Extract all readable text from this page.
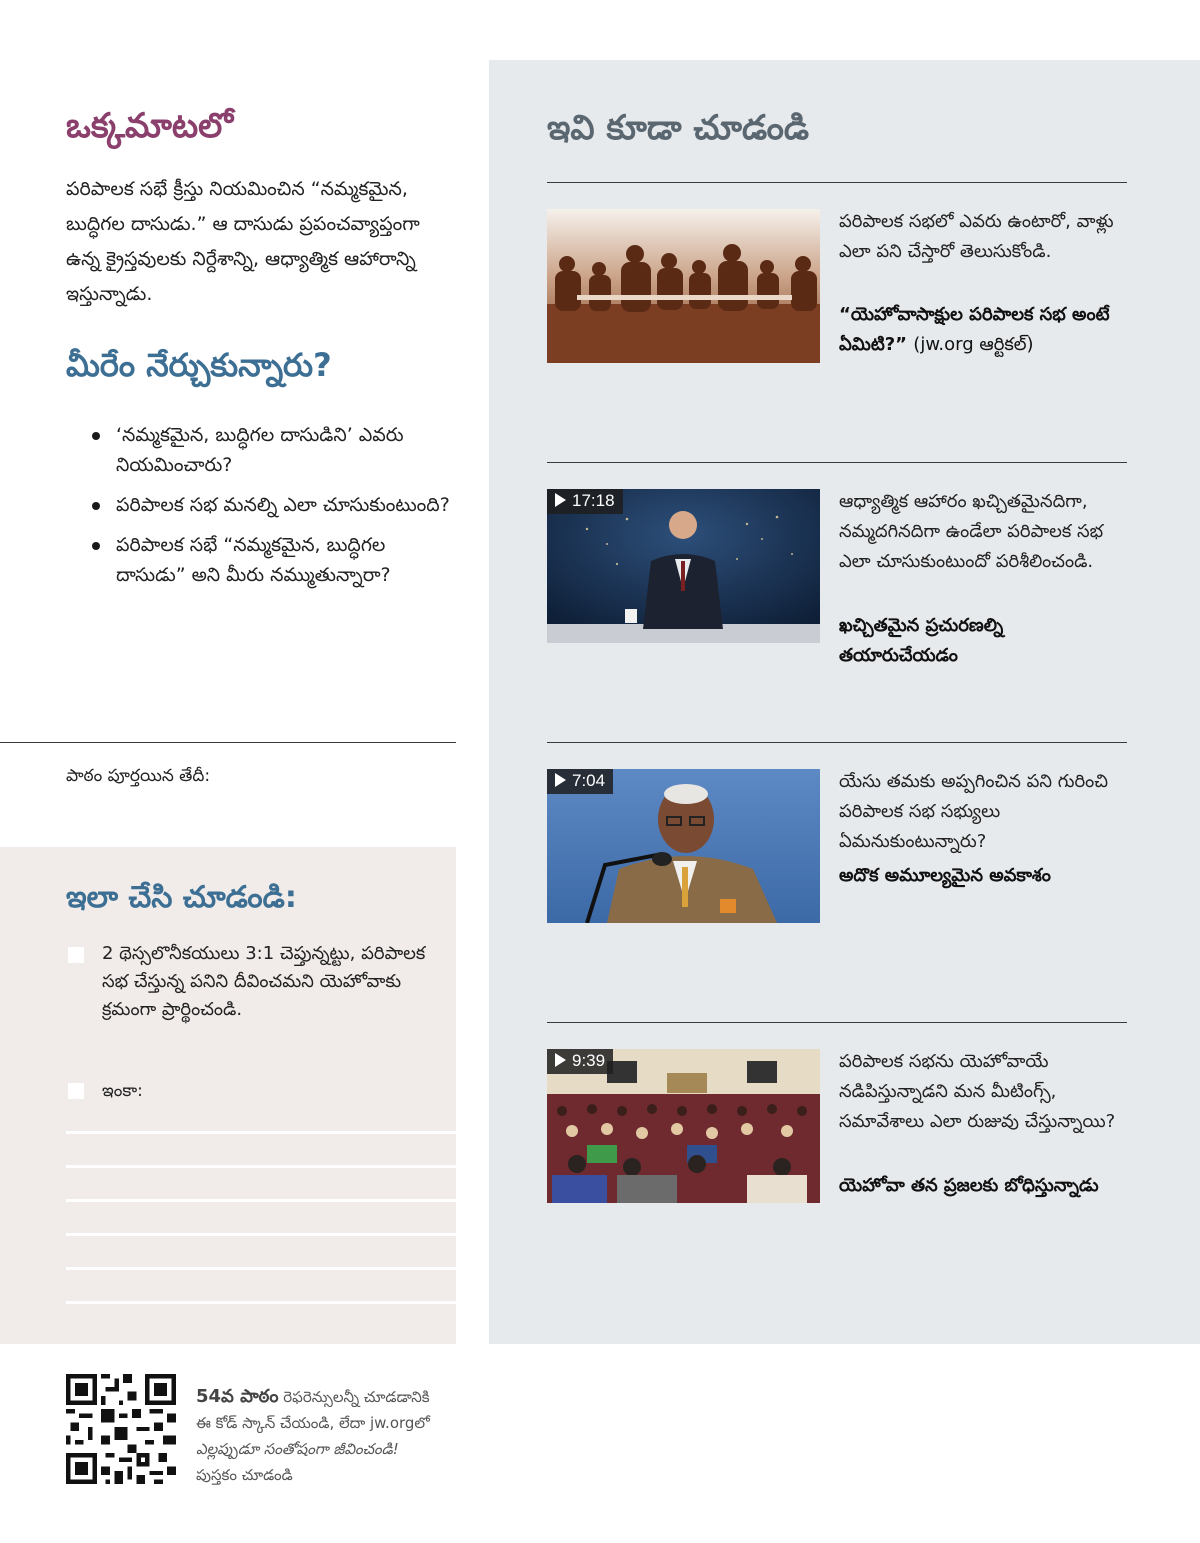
ఒక్కమాటలో

పరిపాలక సభే క్రీస్తు నియమించిన “నమ్మకమైన, బుద్ధిగల దాసుడు.” ఆ దాసుడు ప్రపంచవ్యాప్తంగా ఉన్న క్రైస్తవులకు నిర్దేశాన్ని, ఆధ్యాత్మిక ఆహారాన్ని ఇస్తున్నాడు.

మీరేం నేర్చుకున్నారు?
‘నమ్మకమైన, బుద్ధిగల దాసుడిని’ ఎవరు నియమించారు?
పరిపాలక సభ మనల్ని ఎలా చూసుకుంటుంది?
పరిపాలక సభే “నమ్మకమైన, బుద్ధిగల దాసుడు” అని మీరు నమ్ముతున్నారా?
పాఠం పూర్తయిన తేదీ:
ఇలా చేసి చూడండి:
2 థెస్సలొనీకయులు 3:1 చెప్తున్నట్టు, పరిపాలక సభ చేస్తున్న పనిని దీవించమని యెహోవాకు క్రమంగా ప్రార్థించండి.
ఇంకా:
ఇవి కూడా చూడండి
పరిపాలక సభలో ఎవరు ఉంటారో, వాళ్లు ఎలా పని చేస్తారో తెలుసుకోండి.
“యెహోవాసాక్షుల పరిపాలక సభ అంటే ఏమిటి?” (jw.org ఆర్టికల్)
17:18	ఆధ్యాత్మిక ఆహారం ఖచ్చితమైనదిగా, నమ్మదగినదిగా ఉండేలా పరిపాలక సభ ఎలా చూసుకుంటుందో పరిశీలించండి.
ఖచ్చితమైన ప్రచురణల్ని తయారుచేయడం
7:04	యేసు తమకు అప్పగించిన పని గురించి పరిపాలక సభ సభ్యులు ఏమనుకుంటున్నారు?
అదొక అమూల్యమైన అవకాశం
9:39	పరిపాలక సభను యెహోవాయే నడిపిస్తున్నాడని మన మీటింగ్స్, సమావేశాలు ఎలా రుజువు చేస్తున్నాయి?
యెహోవా తన ప్రజలకు బోధిస్తున్నాడు
54వ పాఠం రెఫరెన్సులన్నీ చూడడానికి
ఈ కోడ్ స్కాన్ చేయండి, లేదా jw.orgలో
ఎల్లప్పుడూ సంతోషంగా జీవించండి!
పుస్తకం చూడండి
